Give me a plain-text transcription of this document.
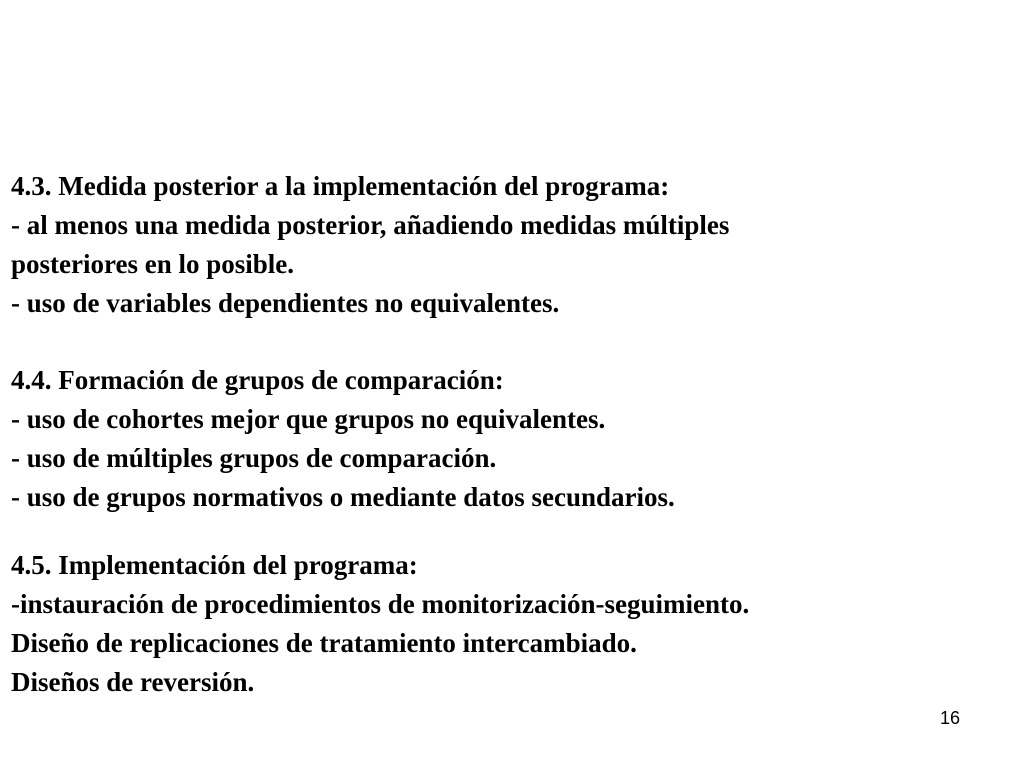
4.3. Medida posterior a la implementación del programa:
- al menos una medida posterior, añadiendo medidas múltiples
posteriores en lo posible.
- uso de variables dependientes no equivalentes.
4.4. Formación de grupos de comparación:
- uso de cohortes mejor que grupos no equivalentes.
- uso de múltiples grupos de comparación.
- uso de grupos normativos o mediante datos secundarios.
4.5. Implementación del programa:
-instauración de procedimientos de monitorización-seguimiento.
Diseño de replicaciones de tratamiento intercambiado.
Diseños de reversión.
16
